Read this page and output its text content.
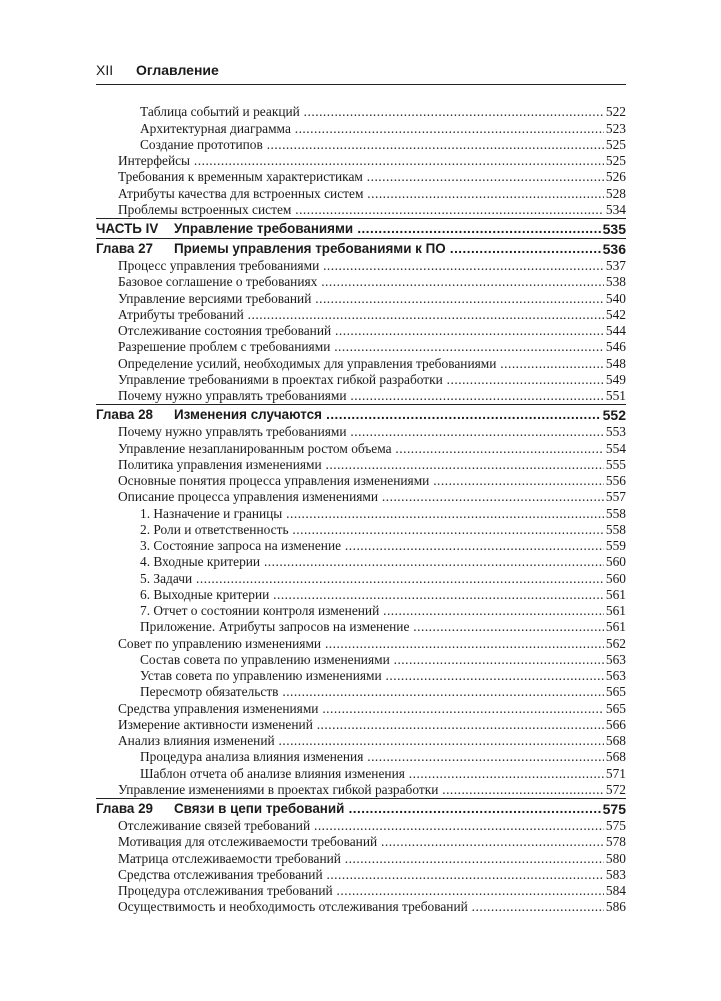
XII	Оглавление
Таблица событий и реакций .....	522
Архитектурная диаграмма .....	523
Создание прототипов .....	525
Интерфейсы .....	525
Требования к временным характеристикам .....	526
Атрибуты качества для встроенных систем .....	528
Проблемы встроенных систем .....	534
ЧАСТЬ IV	Управление требованиями .....	535
Глава 27	Приемы управления требованиями к ПО .....	536
Процесс управления требованиями .....	537
Базовое соглашение о требованиях .....	538
Управление версиями требований .....	540
Атрибуты требований .....	542
Отслеживание состояния требований .....	544
Разрешение проблем с требованиями .....	546
Определение усилий, необходимых для управления требованиями .....	548
Управление требованиями в проектах гибкой разработки .....	549
Почему нужно управлять требованиями .....	551
Глава 28	Изменения случаются .....	552
Почему нужно управлять требованиями .....	553
Управление незапланированным ростом объема .....	554
Политика управления изменениями .....	555
Основные понятия процесса управления изменениями .....	556
Описание процесса управления изменениями .....	557
1. Назначение и границы .....	558
2. Роли и ответственность .....	558
3. Состояние запроса на изменение .....	559
4. Входные критерии .....	560
5. Задачи .....	560
6. Выходные критерии .....	561
7. Отчет о состоянии контроля изменений .....	561
Приложение. Атрибуты запросов на изменение .....	561
Совет по управлению изменениями .....	562
Состав совета по управлению изменениями .....	563
Устав совета по управлению изменениями .....	563
Пересмотр обязательств .....	565
Средства управления изменениями .....	565
Измерение активности изменений .....	566
Анализ влияния изменений .....	568
Процедура анализа влияния изменения .....	568
Шаблон отчета об анализе влияния изменения .....	571
Управление изменениями в проектах гибкой разработки .....	572
Глава 29	Связи в цепи требований .....	575
Отслеживание связей требований .....	575
Мотивация для отслеживаемости требований .....	578
Матрица отслеживаемости требований .....	580
Средства отслеживания требований .....	583
Процедура отслеживания требований .....	584
Осуществимость и необходимость отслеживания требований .....	586
